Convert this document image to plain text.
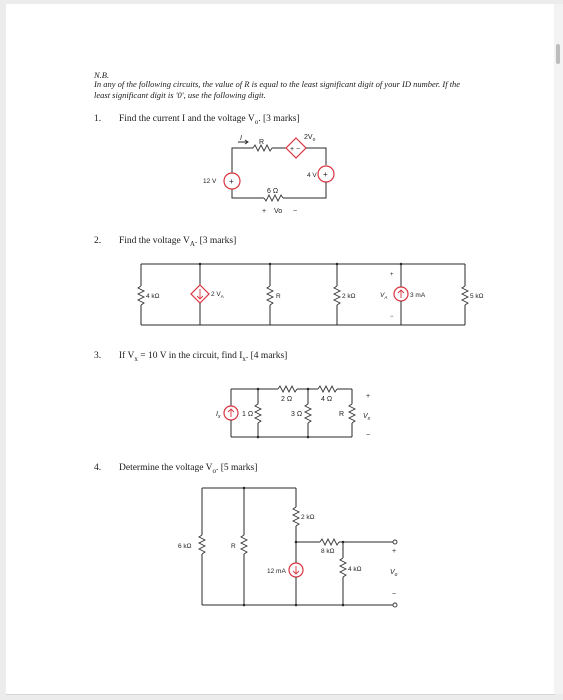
N.B.
In any of the following circuits, the value of R is equal to the least significant digit of your ID number. If the least significant digit is '0', use the following digit.
1. Find the current I and the voltage $V_o$. [3 marks]
2. Find the voltage $V_A$. [3 marks]
3. If $V_x = 10$ V in the circuit, find $I_x$. [4 marks]
4. Determine the voltage $V_o$. [5 marks]
+ −
+
+
I
R
$2V_o$
12 V
4 V
6 Ω
+ Vo −
4 kΩ	2 $V_A$	R	2 kΩ	$V_A$
+
−
3 mA	5 kΩ
$I_x$	1 Ω
2 Ω
3 Ω
4 Ω
R
+
$V_x$
−
6 kΩ	R
2 kΩ
8 kΩ
12 mA	4 kΩ
+
$V_o$
−
